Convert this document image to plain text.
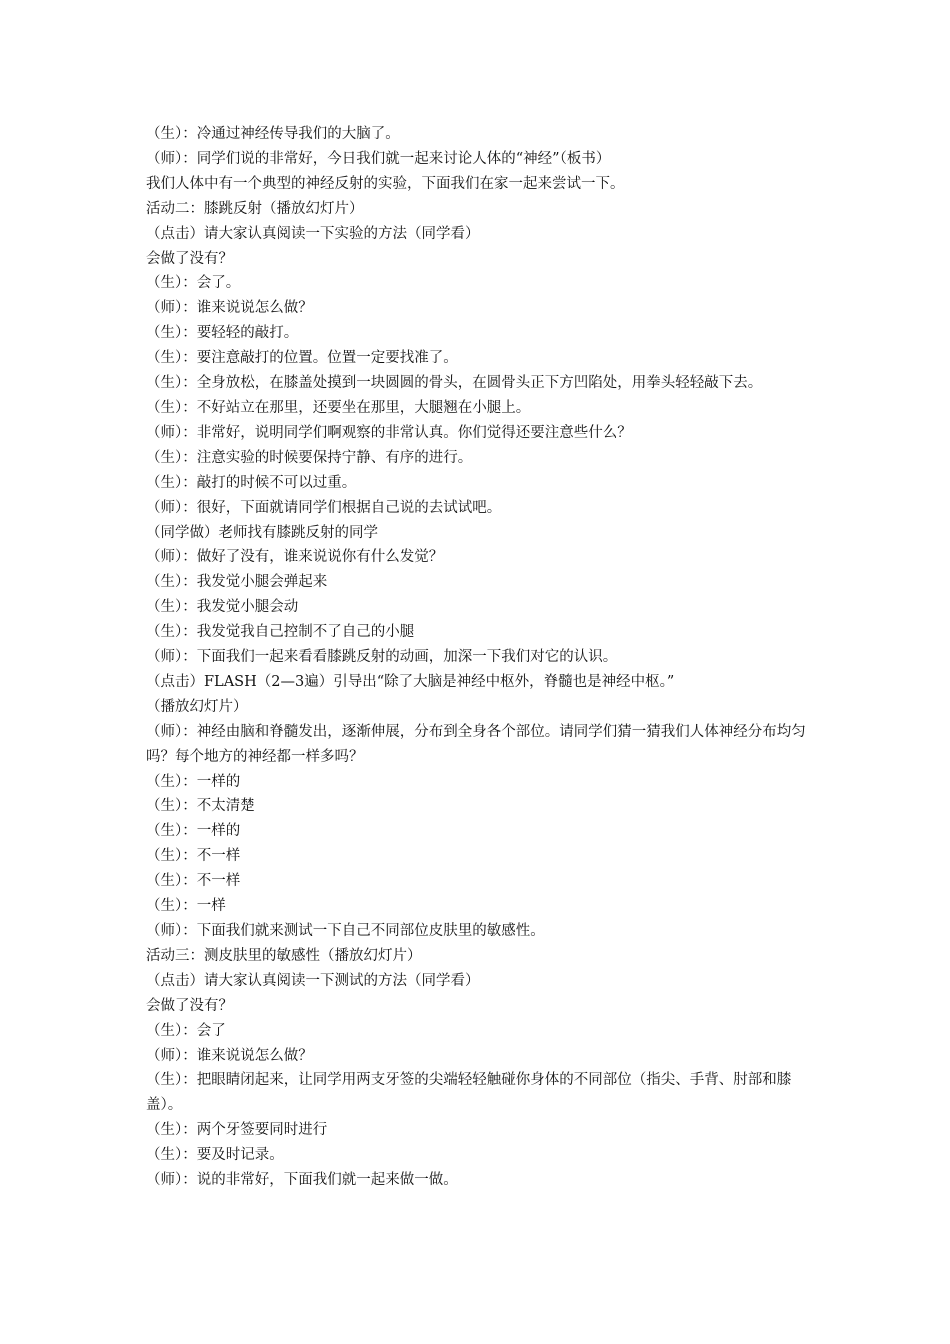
（生）：冷通过神经传导我们的大脑了。

（师）：同学们说的非常好，今日我们就一起来讨论人体的“神经”（板书）

我们人体中有一个典型的神经反射的实验，下面我们在家一起来尝试一下。

活动二：膝跳反射（播放幻灯片）

（点击）请大家认真阅读一下实验的方法（同学看）

会做了没有？

（生）：会了。

（师）：谁来说说怎么做？

（生）：要轻轻的敲打。

（生）：要注意敲打的位置。位置一定要找准了。

（生）：全身放松，在膝盖处摸到一块圆圆的骨头，在圆骨头正下方凹陷处，用拳头轻轻敲下去。

（生）：不好站立在那里，还要坐在那里，大腿翘在小腿上。

（师）：非常好，说明同学们啊观察的非常认真。你们觉得还要注意些什么？

（生）：注意实验的时候要保持宁静、有序的进行。

（生）：敲打的时候不可以过重。

（师）：很好，下面就请同学们根据自己说的去试试吧。

（同学做）老师找有膝跳反射的同学

（师）：做好了没有，谁来说说你有什么发觉？

（生）：我发觉小腿会弹起来

（生）：我发觉小腿会动

（生）：我发觉我自己控制不了自己的小腿

（师）：下面我们一起来看看膝跳反射的动画，加深一下我们对它的认识。

（点击）FLASH（2—3遍）引导出“除了大脑是神经中枢外，脊髓也是神经中枢。”

（播放幻灯片）

（师）：神经由脑和脊髓发出，逐渐伸展，分布到全身各个部位。请同学们猜一猜我们人体神经分布均匀吗？每个地方的神经都一样多吗？

（生）：一样的

（生）：不太清楚

（生）：一样的

（生）：不一样

（生）：不一样

（生）：一样

（师）：下面我们就来测试一下自己不同部位皮肤里的敏感性。

活动三：测皮肤里的敏感性（播放幻灯片）

（点击）请大家认真阅读一下测试的方法（同学看）

会做了没有？

（生）：会了

（师）：谁来说说怎么做？

（生）：把眼睛闭起来，让同学用两支牙签的尖端轻轻触碰你身体的不同部位（指尖、手背、肘部和膝盖）。

（生）：两个牙签要同时进行

（生）：要及时记录。

（师）：说的非常好，下面我们就一起来做一做。
